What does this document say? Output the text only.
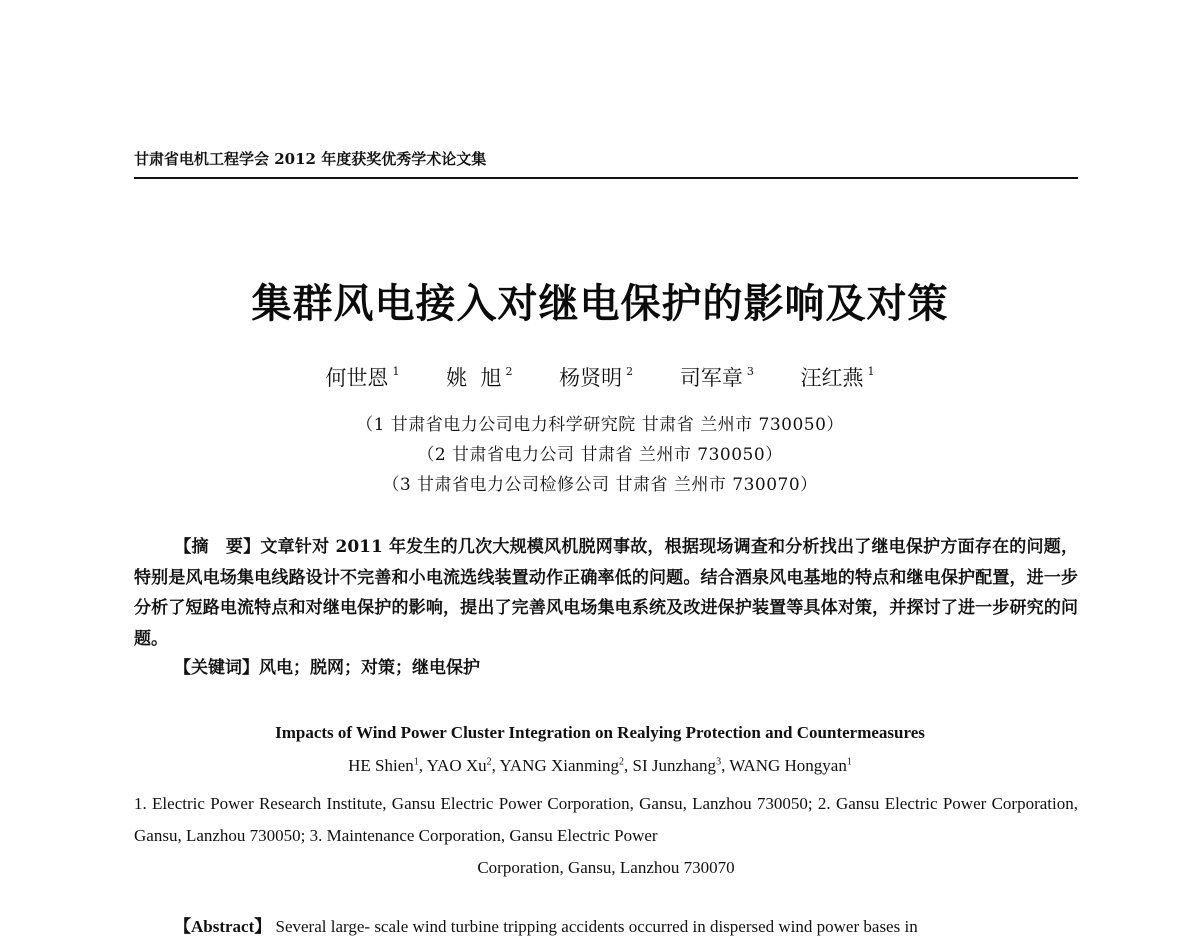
甘肃省电机工程学会 2012 年度获奖优秀学术论文集
集群风电接入对继电保护的影响及对策
何世恩 $^1$ 姚  旭 $^2$ 杨贤明 $^2$ 司军章 $^3$ 汪红燕 $^1$
（1 甘肃省电力公司电力科学研究院 甘肃省 兰州市 730050）
（2 甘肃省电力公司 甘肃省 兰州市 730050）
（3 甘肃省电力公司检修公司 甘肃省 兰州市 730070）
【摘　要】文章针对 2011 年发生的几次大规模风机脱网事故，根据现场调查和分析找出了继电保护方面存在的问题，特别是风电场集电线路设计不完善和小电流选线装置动作正确率低的问题。结合酒泉风电基地的特点和继电保护配置，进一步分析了短路电流特点和对继电保护的影响，提出了完善风电场集电系统及改进保护装置等具体对策，并探讨了进一步研究的问题。
【关键词】风电；脱网；对策；继电保护
Impacts of Wind Power Cluster Integration on Realying Protection and Countermeasures
HE Shien$^1$, YAO Xu$^2$, YANG Xianming$^2$, SI Junzhang$^3$, WANG Hongyan$^1$
1. Electric Power Research Institute, Gansu Electric Power Corporation, Gansu, Lanzhou 730050; 2. Gansu Electric Power Corporation, Gansu, Lanzhou 730050; 3. Maintenance Corporation, Gansu Electric Power
Corporation, Gansu, Lanzhou 730070
【Abstract】 Several large- scale wind turbine tripping accidents occurred in dispersed wind power bases in
